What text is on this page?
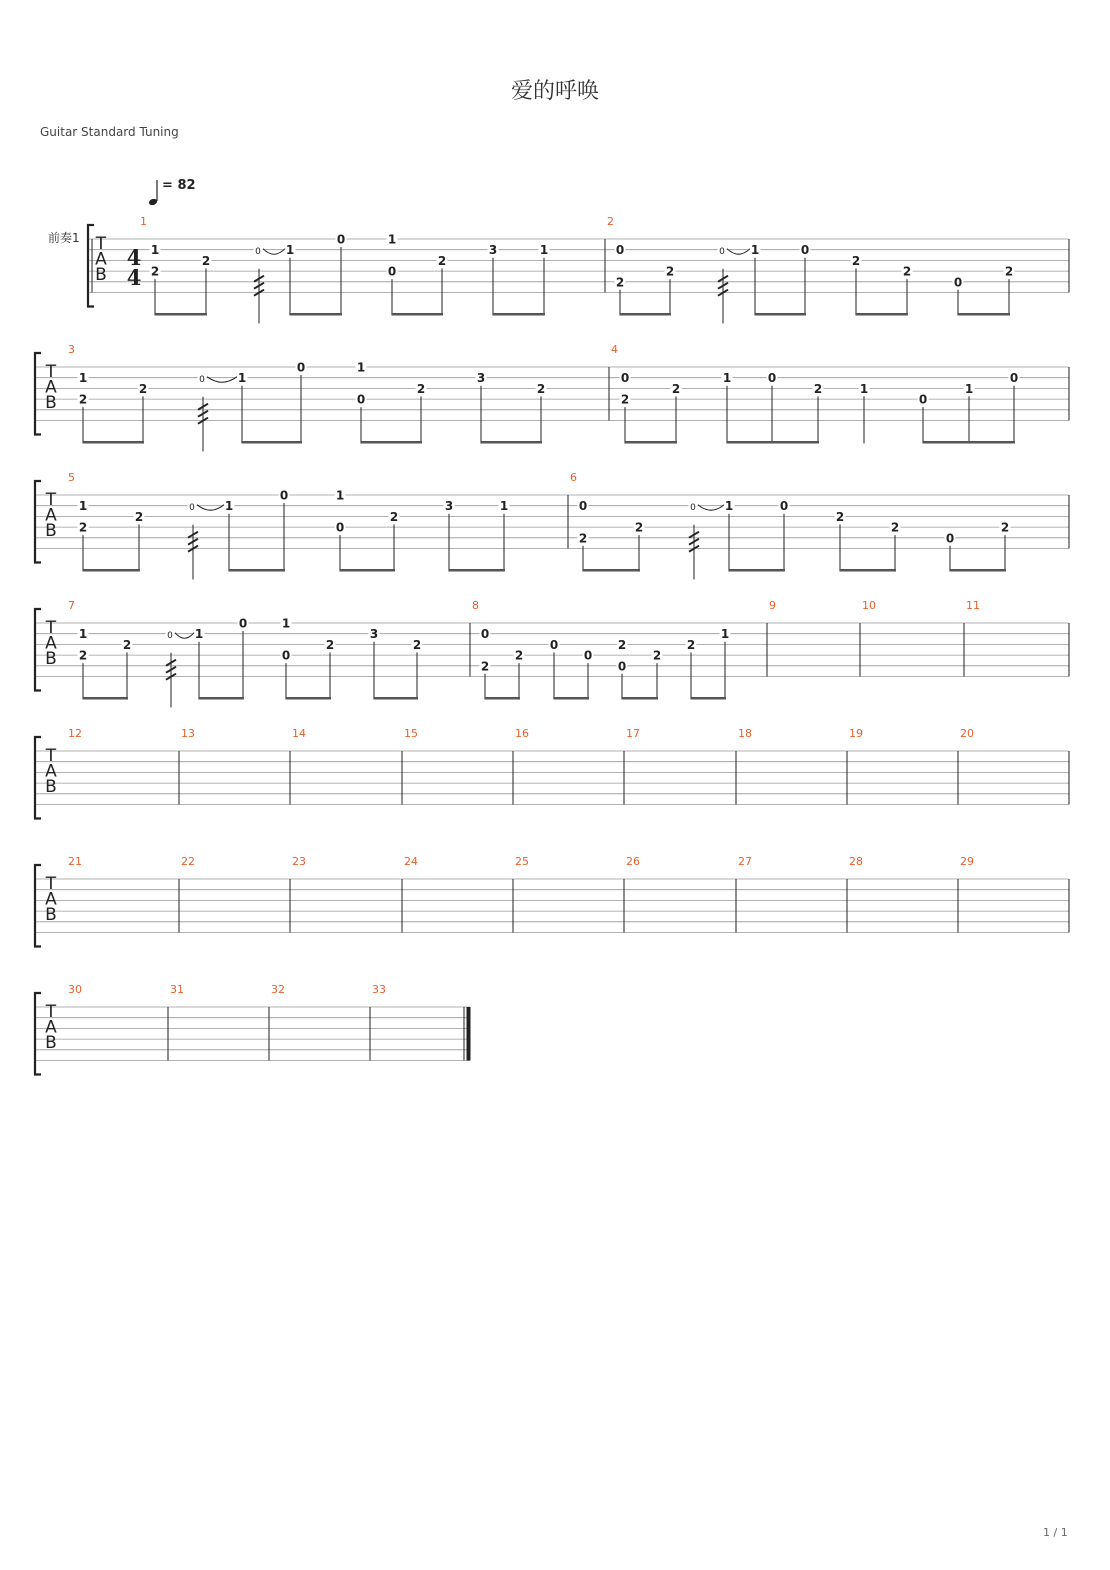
爱的呼唤
Guitar Standard Tuning
= 82
前奏1
1 / 1
T
A
B
4
4
1	2
1
2
2
0 1
0	1
0
2
3	1	0
2
2
0 1	0
2
2
0
2
T
A
B
3	4
1
2
2
0	1
0	1
0
2
3
2
0
2
2
1	0
2	1
0
1
0
T
A
B
5	6
1
2
2
0 1
0	1
0
2
3	1	0
2
2
0 1	0
2
2
0
2
T
A
B
7	8	9	10	11
1
2
2
0 1
0	1
0
2
3
2
0
2
2
0
0
2
0
2
2
1
T
A
B
12	13	14	15	16	17	18	19	20
T
A
B
21	22	23	24	25	26	27	28	29
T
A
B
30	31	32	33
